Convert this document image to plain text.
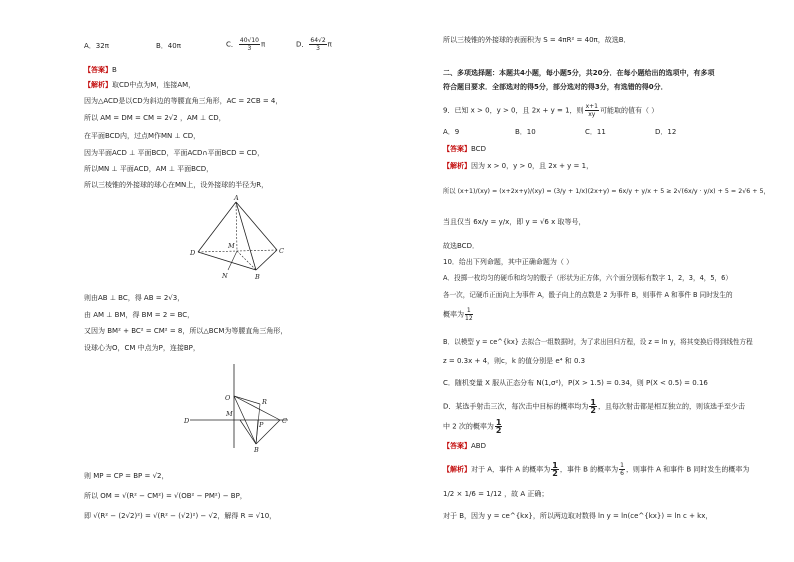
A．32π	B．40π	C． $\frac{40√10}{3}$ π	D． $\frac{64√2}{3}$ π
【答案】B
【解析】取CD中点为M，连接AM，
因为△ACD是以CD为斜边的等腰直角三角形，AC = 2CB = 4，
所以 AM = DM = CM = 2√2 ，AM ⊥ CD，
在平面BCD内，过点M作MN ⊥ CD，
因为平面ACD ⊥ 平面BCD，平面ACD∩平面BCD = CD，
所以MN ⊥ 平面ACD，AM ⊥ 平面BCD，
所以三棱锥的外接球的球心在MN上，设外接球的半径为R，
A
D
M
N	B
C
则由AB ⊥ BC，得 AB = 2√3，
由 AM ⊥ BM，得 BM = 2 = BC，
又因为 BM² + BC² = CM² = 8，所以△BCM为等腰直角三角形，
设球心为O，CM 中点为P，连接BP，
O	R
M
P
D	C
B
则 MP = CP = BP = √2，
所以 OM = √(R² − CM²) = √(OB² − PM²) − BP，
即 √(R² − (2√2)²) = √(R² − (√2)²) − √2，解得 R = √10，
所以三棱锥的外接球的表面积为 S = 4πR² = 40π，故选B．
二、多项选择题：本题共4小题，每小题5分，共20分．在每小题给出的选项中，有多项
符合题目要求．全部选对的得5分，部分选对的得3分，有选错的得0分．
9．已知 x > 0，y > 0，且 2x + y = 1，则 $\frac{x+1}{xy}$ 可能取的值有（ ）
A．9	B．10	C．11	D．12
【答案】BCD
【解析】因为 x > 0，y > 0，且 2x + y = 1，
所以 (x+1)/(xy) = (x+2x+y)/(xy) = (3/y + 1/x)(2x+y) = 6x/y + y/x + 5 ≥ 2√(6x/y · y/x) + 5 = 2√6 + 5，
当且仅当 6x/y = y/x，即 y = √6 x 取等号，
故选BCD．
10．给出下列命题，其中正确命题为（ ）
A．投掷一枚均匀的硬币和均匀的骰子（形状为正方体，六个面分别标有数字 1，2，3，4，5，6）
各一次，记硬币正面向上为事件 A，骰子向上的点数是 2 为事件 B，则事件 A 和事件 B 同时发生的
概率为 $\frac{1}{12}$
B．以模型 y = ce^{kx} 去拟合一组数据时，为了求出回归方程，设 z = ln y，将其变换后得到线性方程
z = 0.3x + 4，则c，k 的值分别是 e⁴ 和 0.3
C．随机变量 X 服从正态分布 N(1,σ²)，P(X > 1.5) = 0.34，则 P(X < 0.5) = 0.16
D．某选手射击三次，每次击中目标的概率均为 $\frac{1}{2}$ ，且每次射击都是相互独立的，则该选手至少击
中 2 次的概率为 $\frac{1}{2}$
【答案】ABD
【解析】对于 A，事件 A 的概率为 $\frac{1}{2}$ ，事件 B 的概率为 $\frac{1}{6}$ ，则事件 A 和事件 B 同时发生的概率为
1/2 × 1/6 = 1/12 ，故 A 正确；
对于 B，因为 y = ce^{kx}，所以两边取对数得 ln y = ln(ce^{kx}) = ln c + kx，
